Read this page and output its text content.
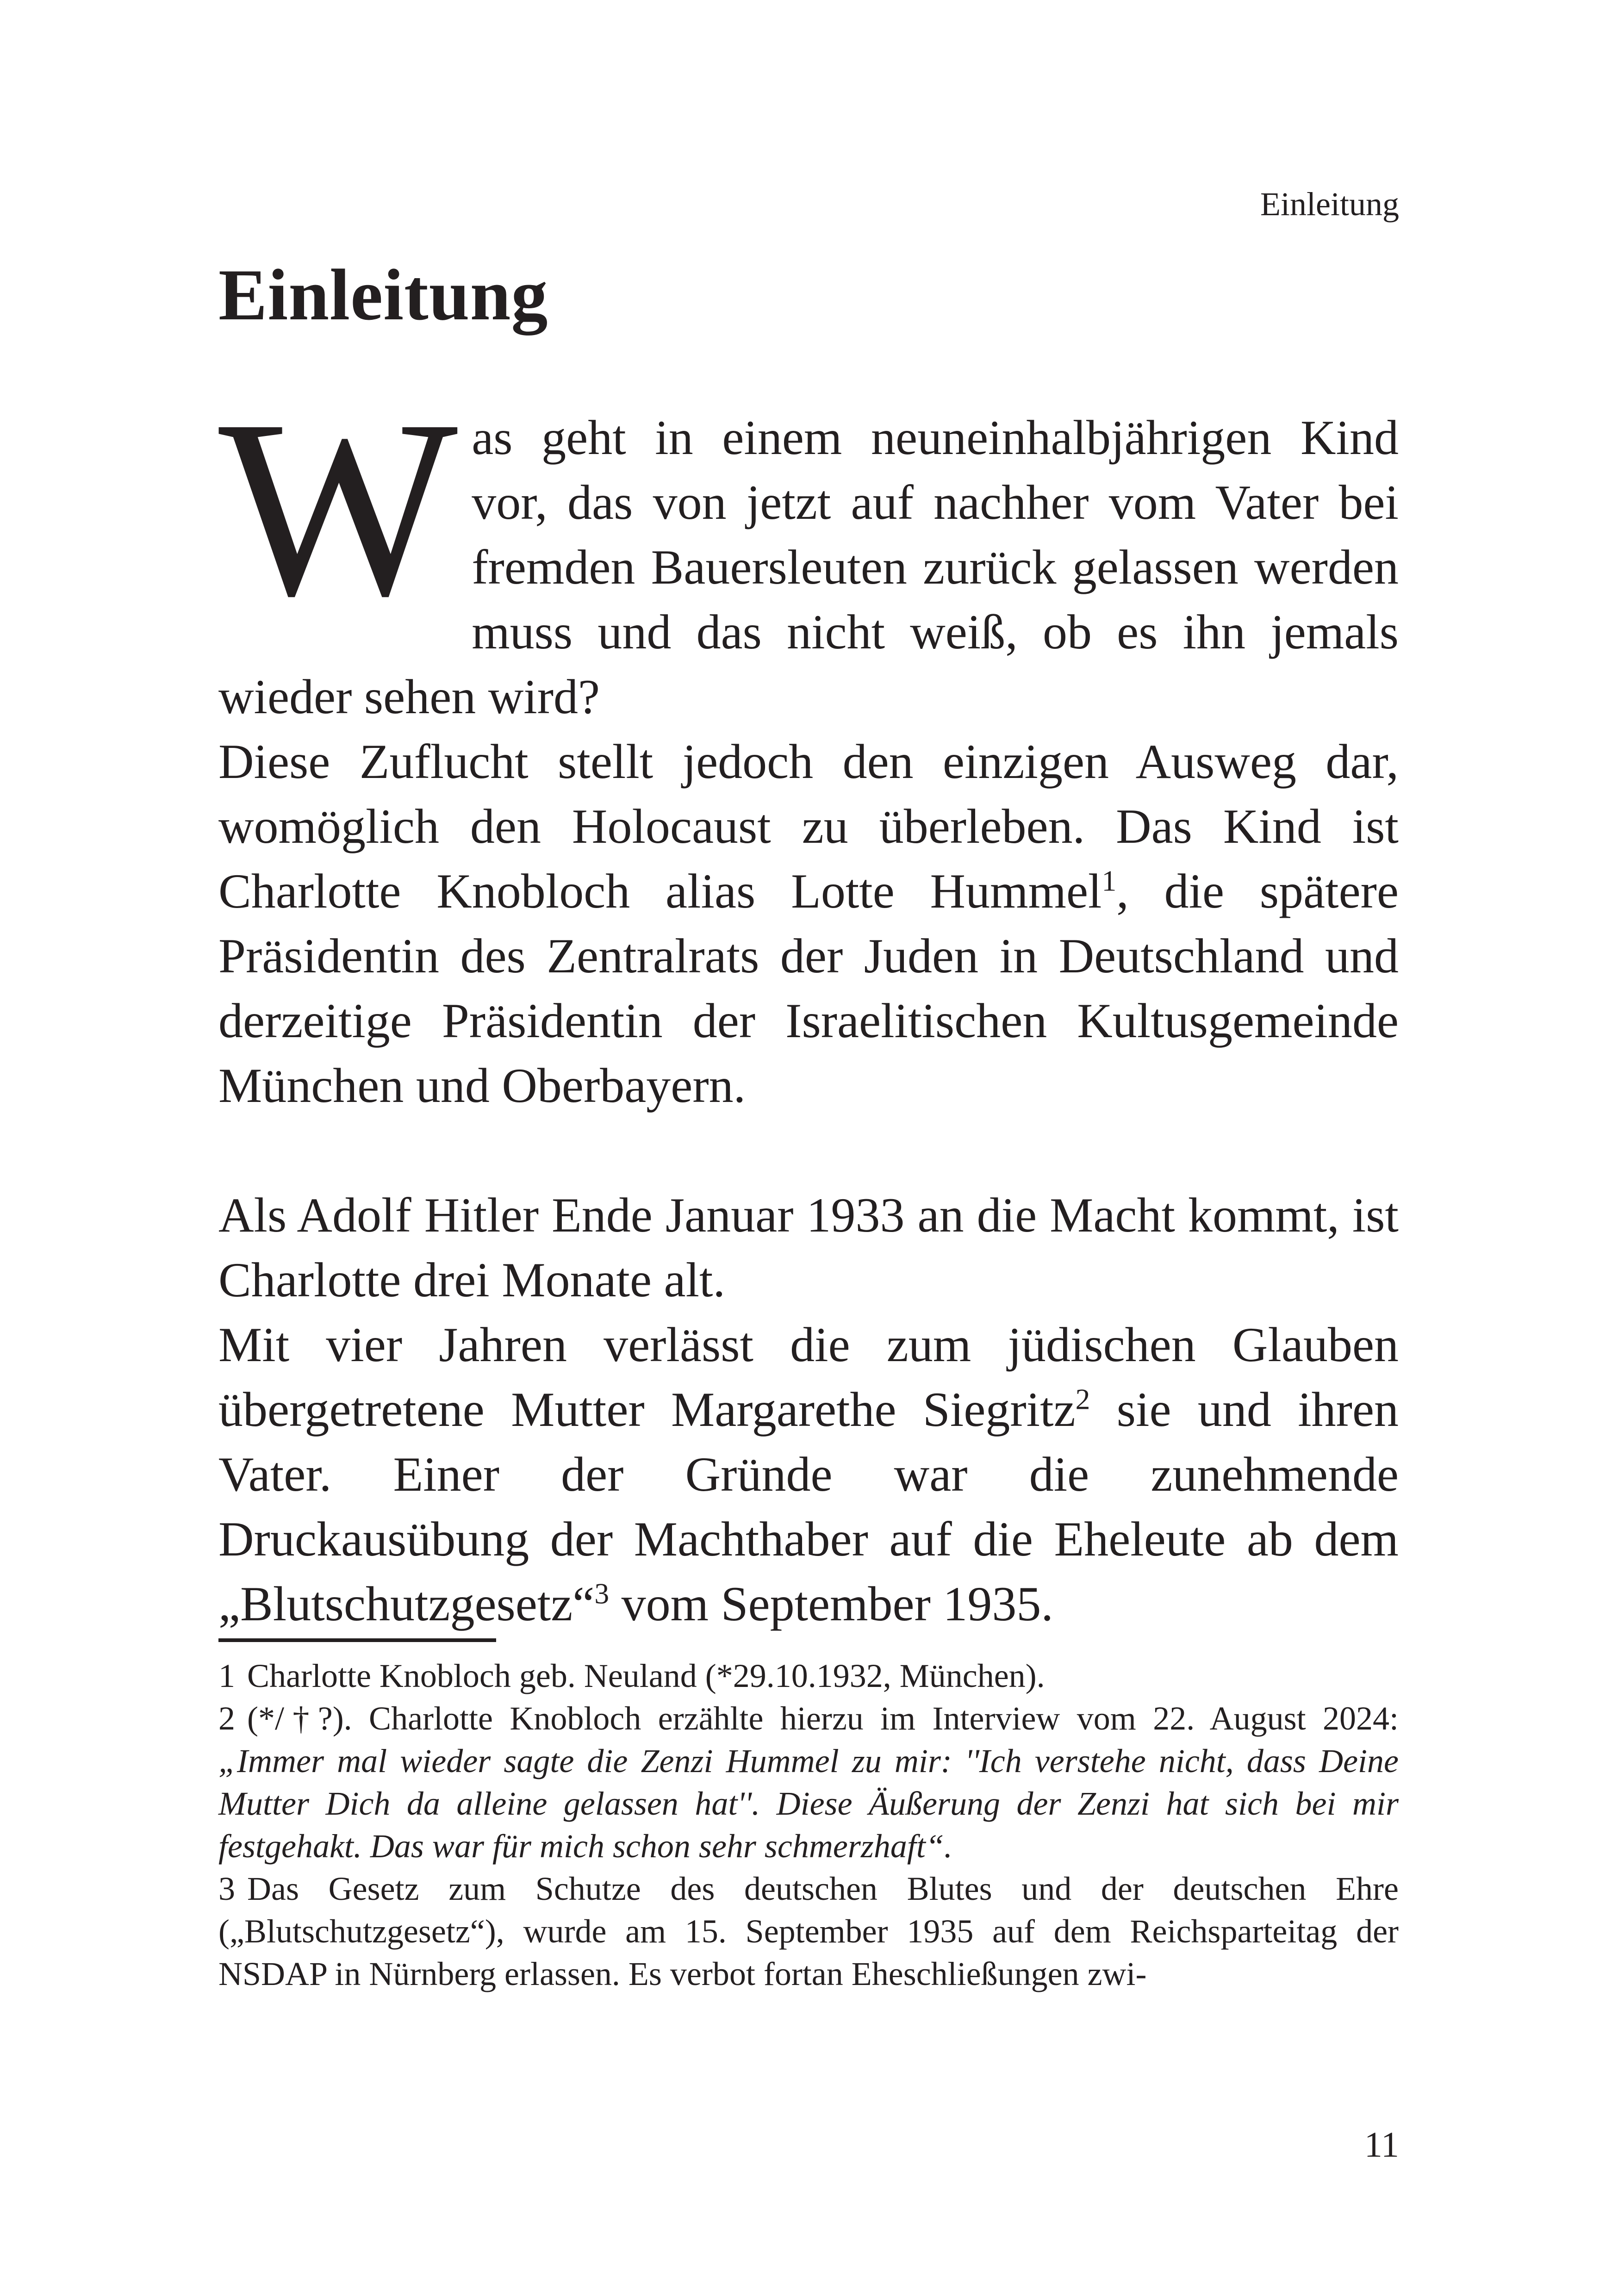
Einleitung
Einleitung

Was geht in einem neuneinhalbjährigen Kind vor, das von jetzt auf nachher vom Vater bei fremden Bauersleuten zurück gelassen werden muss und das nicht weiß, ob es ihn jemals wieder sehen wird?

Diese Zuflucht stellt jedoch den einzigen Ausweg dar, womöglich den Holocaust zu überleben. Das Kind ist Charlotte Knobloch alias Lotte Hummel$^1$, die spätere Präsidentin des Zentralrats der Juden in Deutschland und derzeitige Präsidentin der Israelitischen Kultusgemeinde München und Oberbayern.

Als Adolf Hitler Ende Januar 1933 an die Macht kommt, ist Charlotte drei Monate alt.

Mit vier Jahren verlässt die zum jüdischen Glauben übergetretene Mutter Margarethe Siegritz$^2$ sie und ihren Vater. Einer der Gründe war die zunehmende Druckausübung der Machthaber auf die Eheleute ab dem „Blutschutzgesetz“$^3$ vom September 1935.

1 Charlotte Knobloch geb. Neuland (*29.10.1932, München).

2 (*/†?). Charlotte Knobloch erzählte hierzu im Interview vom 22. August 2024: „Immer mal wieder sagte die Zenzi Hummel zu mir: ''Ich verstehe nicht, dass Deine Mutter Dich da alleine gelassen hat''. Diese Äußerung der Zenzi hat sich bei mir festgehakt. Das war für mich schon sehr schmerzhaft“.

3 Das Gesetz zum Schutze des deutschen Blutes und der deutschen Ehre („Blutschutzgesetz“), wurde am 15. September 1935 auf dem Reichsparteitag der NSDAP in Nürnberg erlassen. Es verbot fortan Eheschließungen zwi-

11
